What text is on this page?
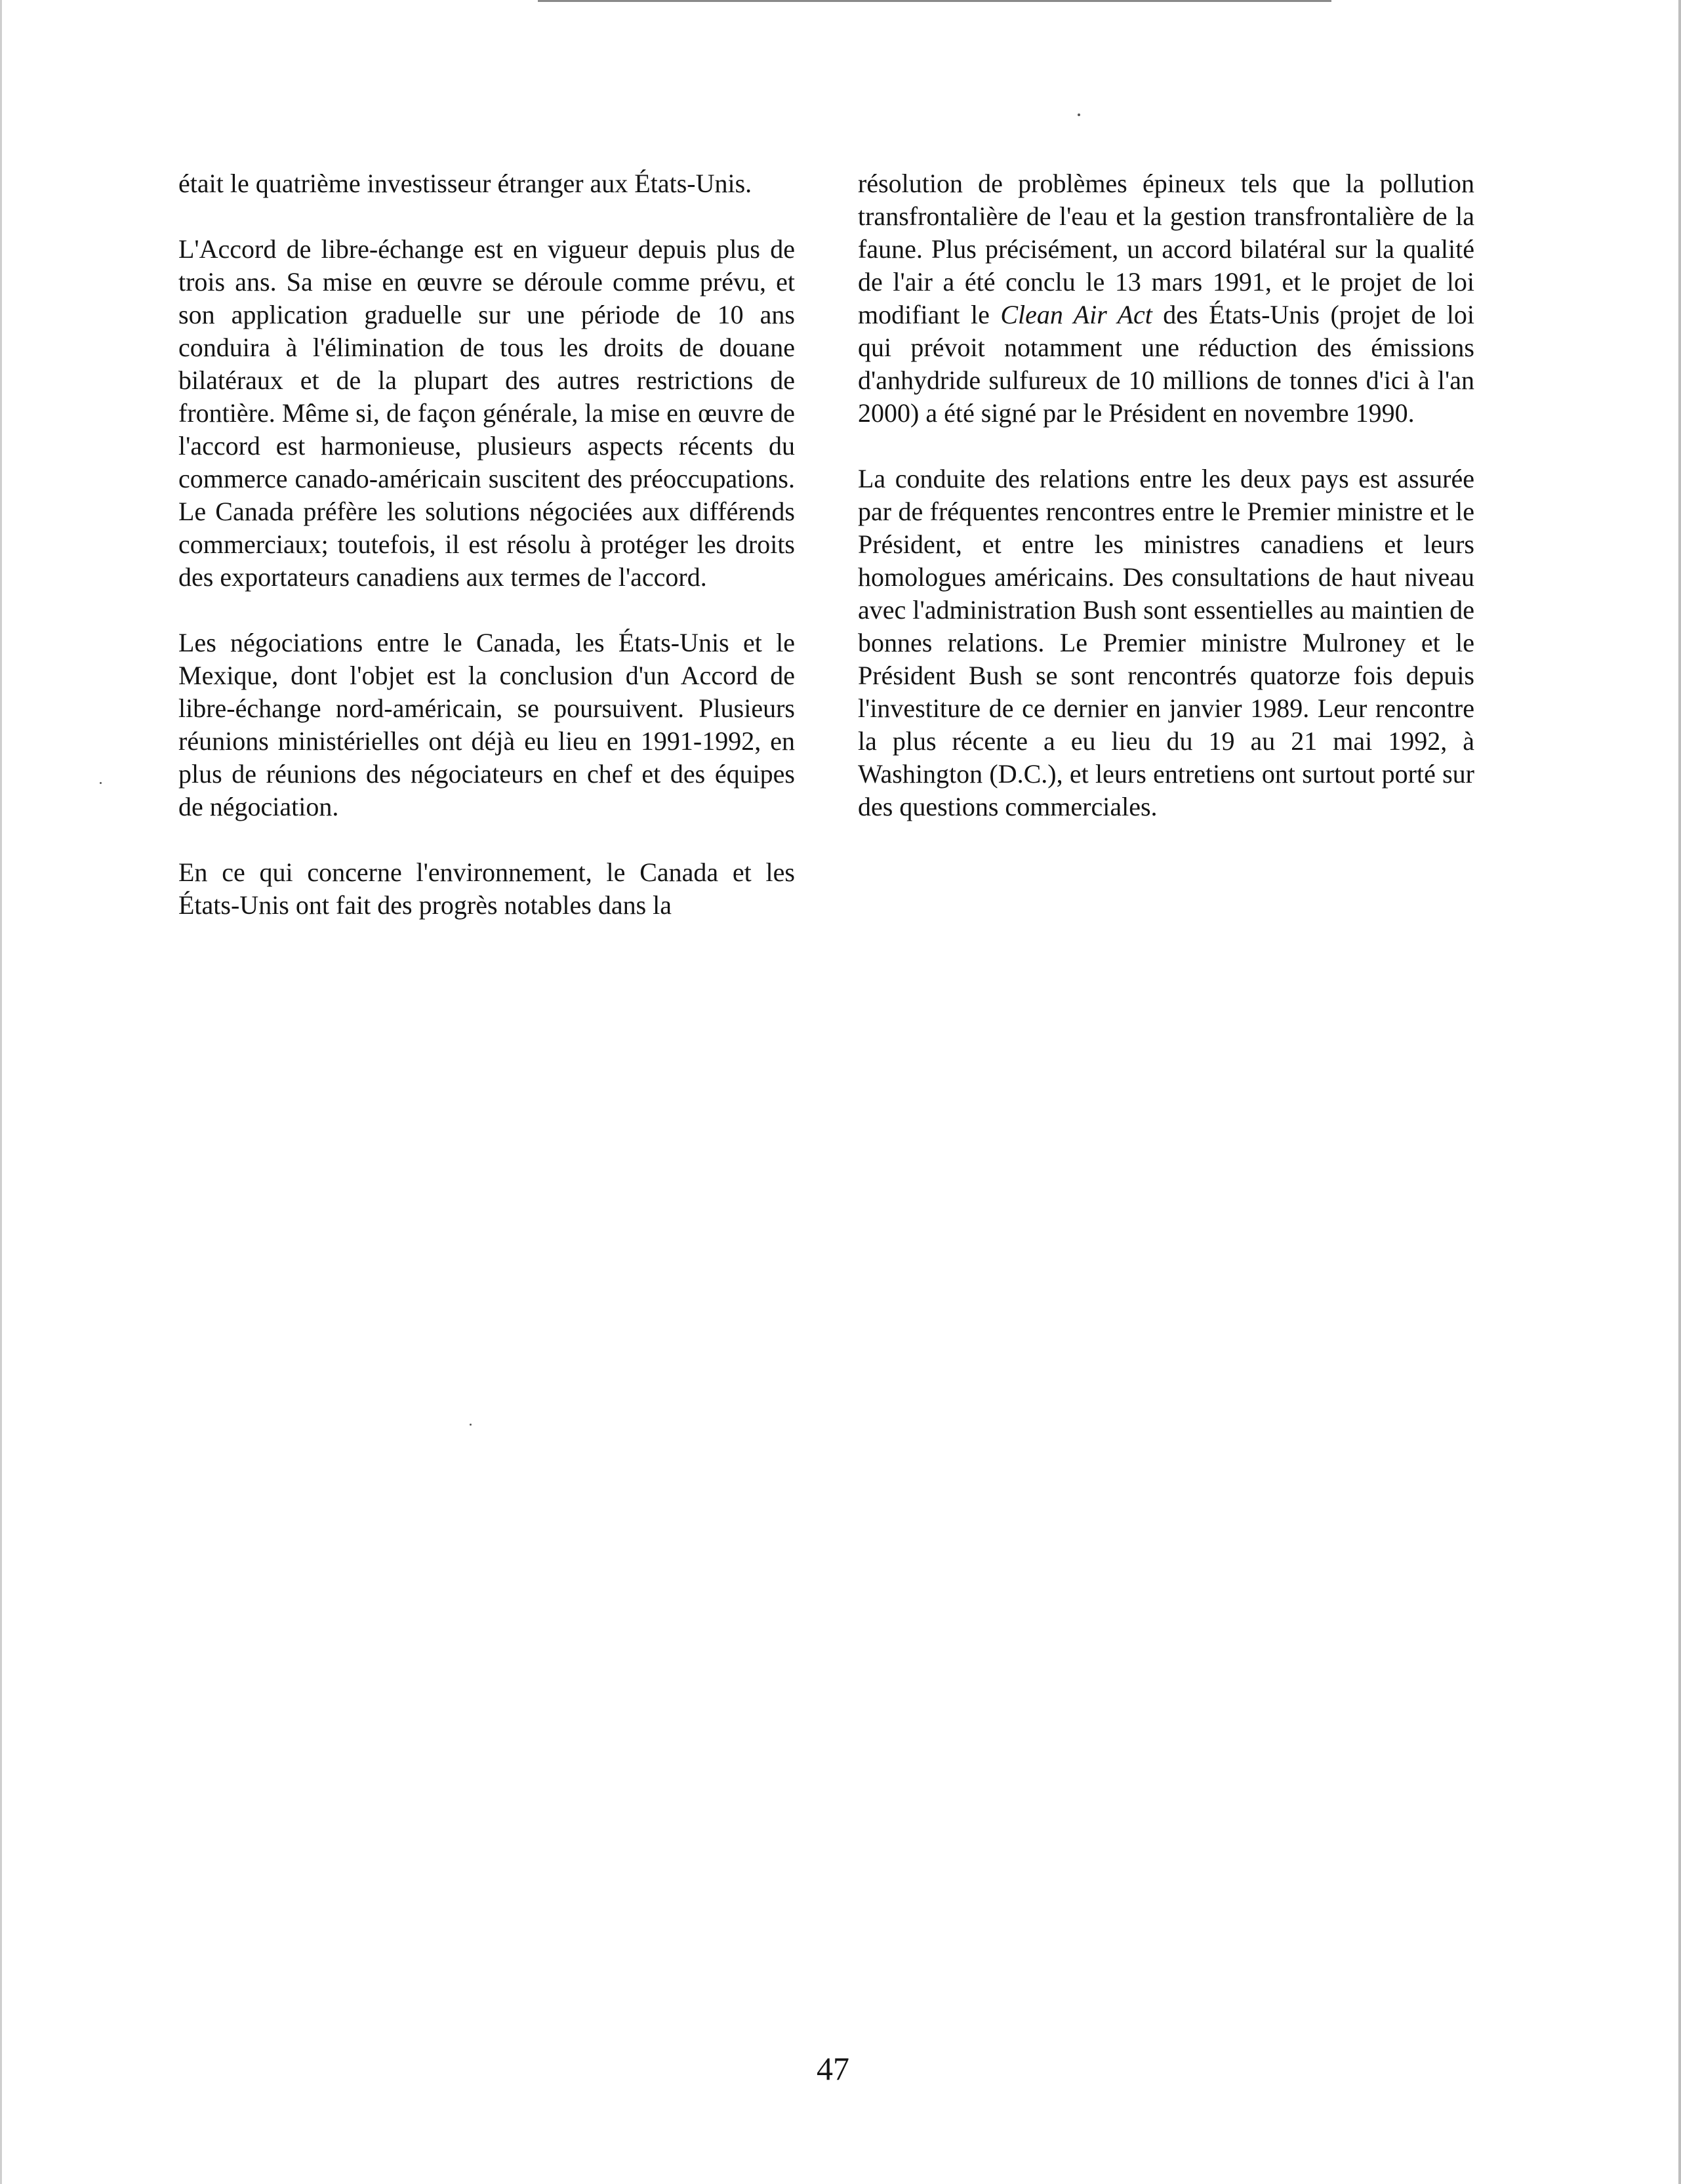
était le quatrième investisseur étranger aux États-Unis.

L'Accord de libre-échange est en vigueur depuis plus de trois ans. Sa mise en œuvre se déroule comme prévu, et son application graduelle sur une période de 10 ans conduira à l'élimination de tous les droits de douane bilatéraux et de la plupart des autres restrictions de frontière. Même si, de façon générale, la mise en œuvre de l'accord est harmonieuse, plusieurs aspects récents du commerce canado-américain suscitent des préoccupations. Le Canada préfère les solutions négociées aux différends commerciaux; toutefois, il est résolu à protéger les droits des exportateurs canadiens aux termes de l'accord.

Les négociations entre le Canada, les États-Unis et le Mexique, dont l'objet est la conclusion d'un Accord de libre-échange nord-américain, se poursuivent. Plusieurs réunions ministérielles ont déjà eu lieu en 1991-1992, en plus de réunions des négociateurs en chef et des équipes de négociation.

En ce qui concerne l'environnement, le Canada et les États-Unis ont fait des progrès notables dans la

résolution de problèmes épineux tels que la pollution transfrontalière de l'eau et la gestion transfrontalière de la faune. Plus précisément, un accord bilatéral sur la qualité de l'air a été conclu le 13 mars 1991, et le projet de loi modifiant le Clean Air Act des États-Unis (projet de loi qui prévoit notamment une réduction des émissions d'anhydride sulfureux de 10 millions de tonnes d'ici à l'an 2000) a été signé par le Président en novembre 1990.

La conduite des relations entre les deux pays est assurée par de fréquentes rencontres entre le Premier ministre et le Président, et entre les ministres canadiens et leurs homologues américains. Des consultations de haut niveau avec l'administration Bush sont essentielles au maintien de bonnes relations. Le Premier ministre Mulroney et le Président Bush se sont rencontrés quatorze fois depuis l'investiture de ce dernier en janvier 1989. Leur rencontre la plus récente a eu lieu du 19 au 21 mai 1992, à Washington (D.C.), et leurs entretiens ont surtout porté sur des questions commerciales.

47
